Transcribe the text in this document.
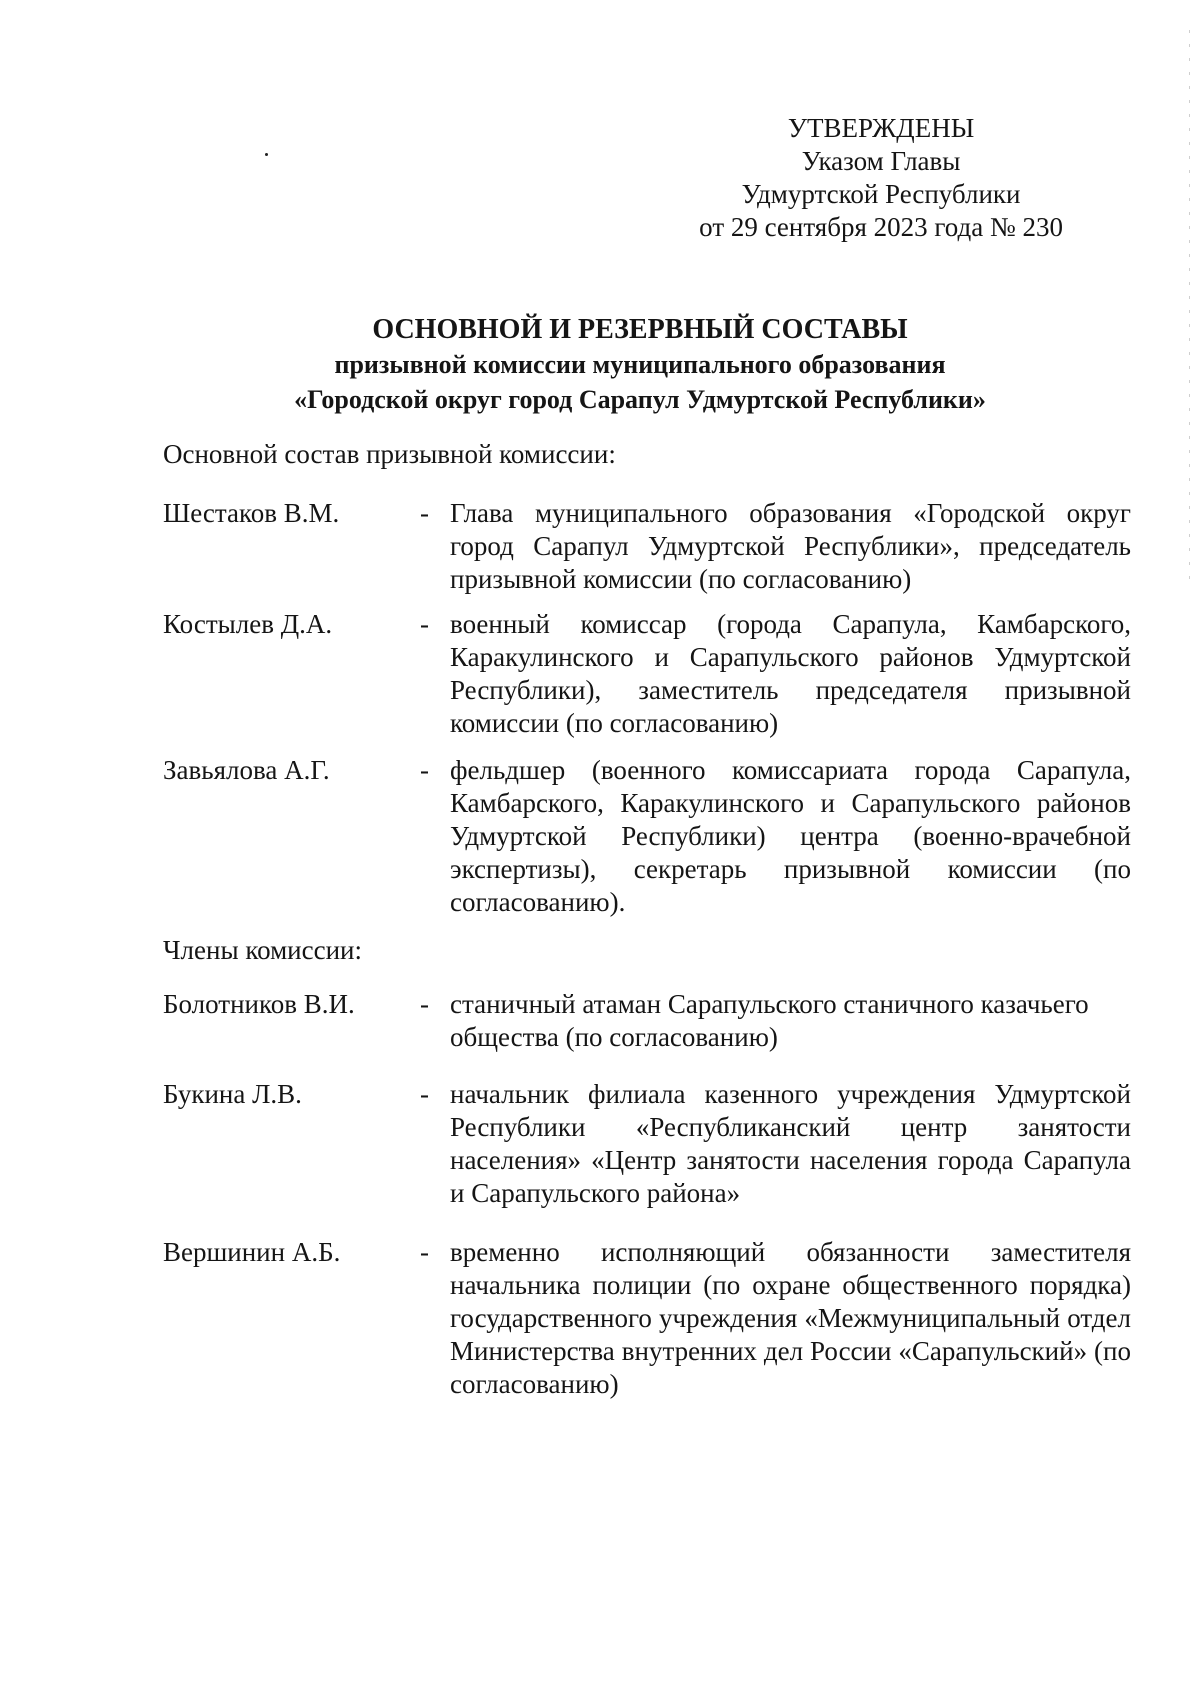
УТВЕРЖДЕНЫ
Указом Главы
Удмуртской Республики
от 29 сентября 2023 года № 230
ОСНОВНОЙ И РЕЗЕРВНЫЙ СОСТАВЫ
призывной комиссии муниципального образования
«Городской округ город Сарапул Удмуртской Республики»
Основной состав призывной комиссии:
Шестаков В.М.	- Глава муниципального образования «Городской округ город Сарапул Удмуртской Республики», председатель призывной комиссии (по согласованию)
Костылев Д.А.	- военный комиссар (города Сарапула, Камбарского, Каракулинского и Сарапульского районов Удмуртской Республики), заместитель председателя призывной комиссии (по согласованию)
Завьялова А.Г.	- фельдшер (военного комиссариата города Сарапула, Камбарского, Каракулинского и Сарапульского районов Удмуртской Республики) центра (военно-врачебной экспертизы), секретарь призывной комиссии (по согласованию).
Члены комиссии:
Болотников В.И. - станичный атаман Сарапульского станичного казачьего общества (по согласованию)
Букина Л.В.	- начальник филиала казенного учреждения Удмуртской Республики «Республиканский центр занятости населения» «Центр занятости населения города Сарапула и Сарапульского района»
Вершинин А.Б.	- временно исполняющий обязанности заместителя начальника полиции (по охране общественного порядка) государственного учреждения «Межмуниципальный отдел Министерства внутренних дел России «Сарапульский» (по согласованию)
